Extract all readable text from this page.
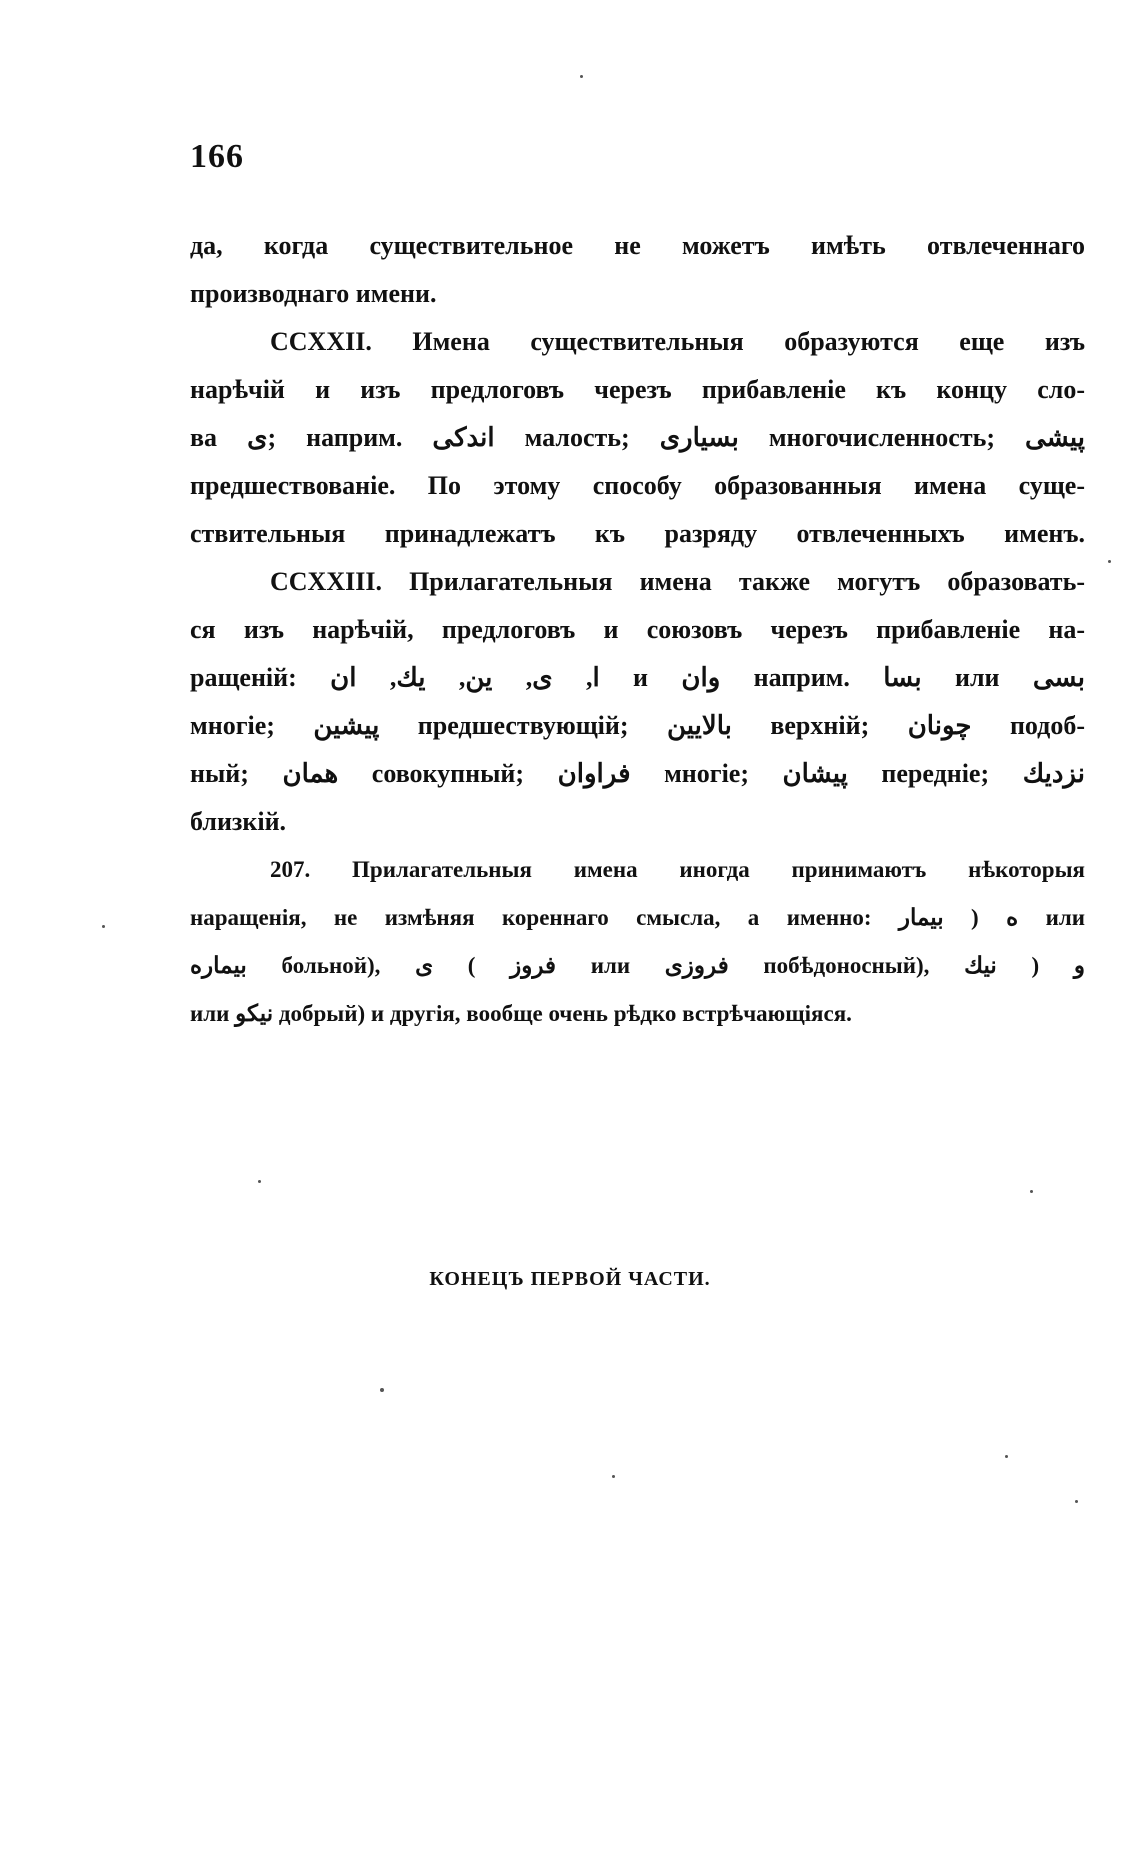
166
да, когда существительное не можетъ имѣть отвлеченнаго
производнаго имени.
CCXXII. Имена существительныя образуются еще изъ
нарѣчій и изъ предлоговъ черезъ прибавленіе къ концу сло-
ва ی; наприм. اندکی малость; بسیاری многочисленность; پیشی
предшествованіе. По этому способу образованныя имена суще-
ствительныя принадлежатъ къ разряду отвлеченныхъ именъ.
CCXXIII. Прилагательныя имена также могутъ образовать-
ся изъ нарѣчій, предлоговъ и союзовъ черезъ прибавленіе на-
ращеній: ا, ی, ین, یك, ان и وان наприм. بسا или بسی
многіе; پیشین предшествующій; بالایین верхній; چونان подоб-
ный; همان совокупный; فراوان многіе; پیشان передніе; نزدیك
близкій.
207. Прилагательныя имена иногда принимаютъ нѣкоторыя
наращенія, не измѣняя кореннаго смысла, а именно: ه ( بیمار или
بیماره больной), ی ( فروز или فروزی побѣдоносный), و ( نیك
или نیکو добрый) и другія, вообще очень рѣдко встрѣчающіяся.
КОНЕЦЪ ПЕРВОЙ ЧАСТИ.
